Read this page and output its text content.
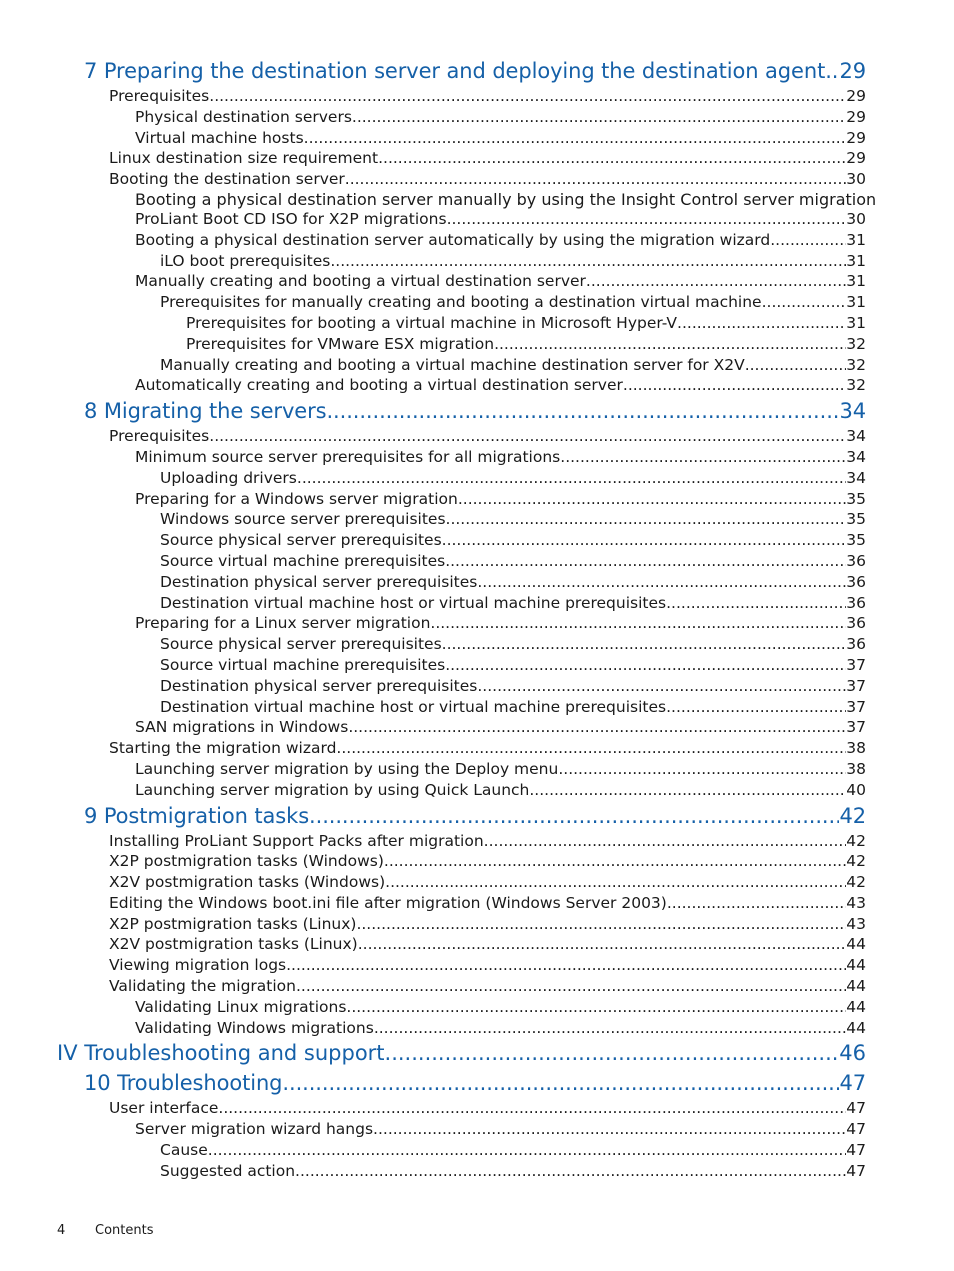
7 Preparing the destination server and deploying the destination agent ..... 29
Prerequisites .....	29
Physical destination servers .....	29
Virtual machine hosts .....	29
Linux destination size requirement .....	29
Booting the destination server .....	30
Booting a physical destination server manually by using the Insight Control server migration
ProLiant Boot CD ISO for X2P migrations .....	30
Booting a physical destination server automatically by using the migration wizard .....	31
iLO boot prerequisites .....	31
Manually creating and booting a virtual destination server .....	31
Prerequisites for manually creating and booting a destination virtual machine .....	31
Prerequisites for booting a virtual machine in Microsoft Hyper-V .....	31
Prerequisites for VMware ESX migration .....	32
Manually creating and booting a virtual machine destination server for X2V .....	32
Automatically creating and booting a virtual destination server .....	32
8 Migrating the servers .....	34
Prerequisites .....	34
Minimum source server prerequisites for all migrations .....	34
Uploading drivers .....	34
Preparing for a Windows server migration .....	35
Windows source server prerequisites .....	35
Source physical server prerequisites .....	35
Source virtual machine prerequisites .....	36
Destination physical server prerequisites .....	36
Destination virtual machine host or virtual machine prerequisites .....	36
Preparing for a Linux server migration .....	36
Source physical server prerequisites .....	36
Source virtual machine prerequisites .....	37
Destination physical server prerequisites .....	37
Destination virtual machine host or virtual machine prerequisites .....	37
SAN migrations in Windows .....	37
Starting the migration wizard .....	38
Launching server migration by using the Deploy menu .....	38
Launching server migration by using Quick Launch .....	40
9 Postmigration tasks .....	42
Installing ProLiant Support Packs after migration .....	42
X2P postmigration tasks (Windows) .....	42
X2V postmigration tasks (Windows) .....	42
Editing the Windows boot.ini file after migration (Windows Server 2003) .....	43
X2P postmigration tasks (Linux) .....	43
X2V postmigration tasks (Linux) .....	44
Viewing migration logs .....	44
Validating the migration .....	44
Validating Linux migrations .....	44
Validating Windows migrations .....	44
IV Troubleshooting and support .....	46
10 Troubleshooting .....	47
User interface .....	47
Server migration wizard hangs .....	47
Cause .....	47
Suggested action .....	47
4 Contents
